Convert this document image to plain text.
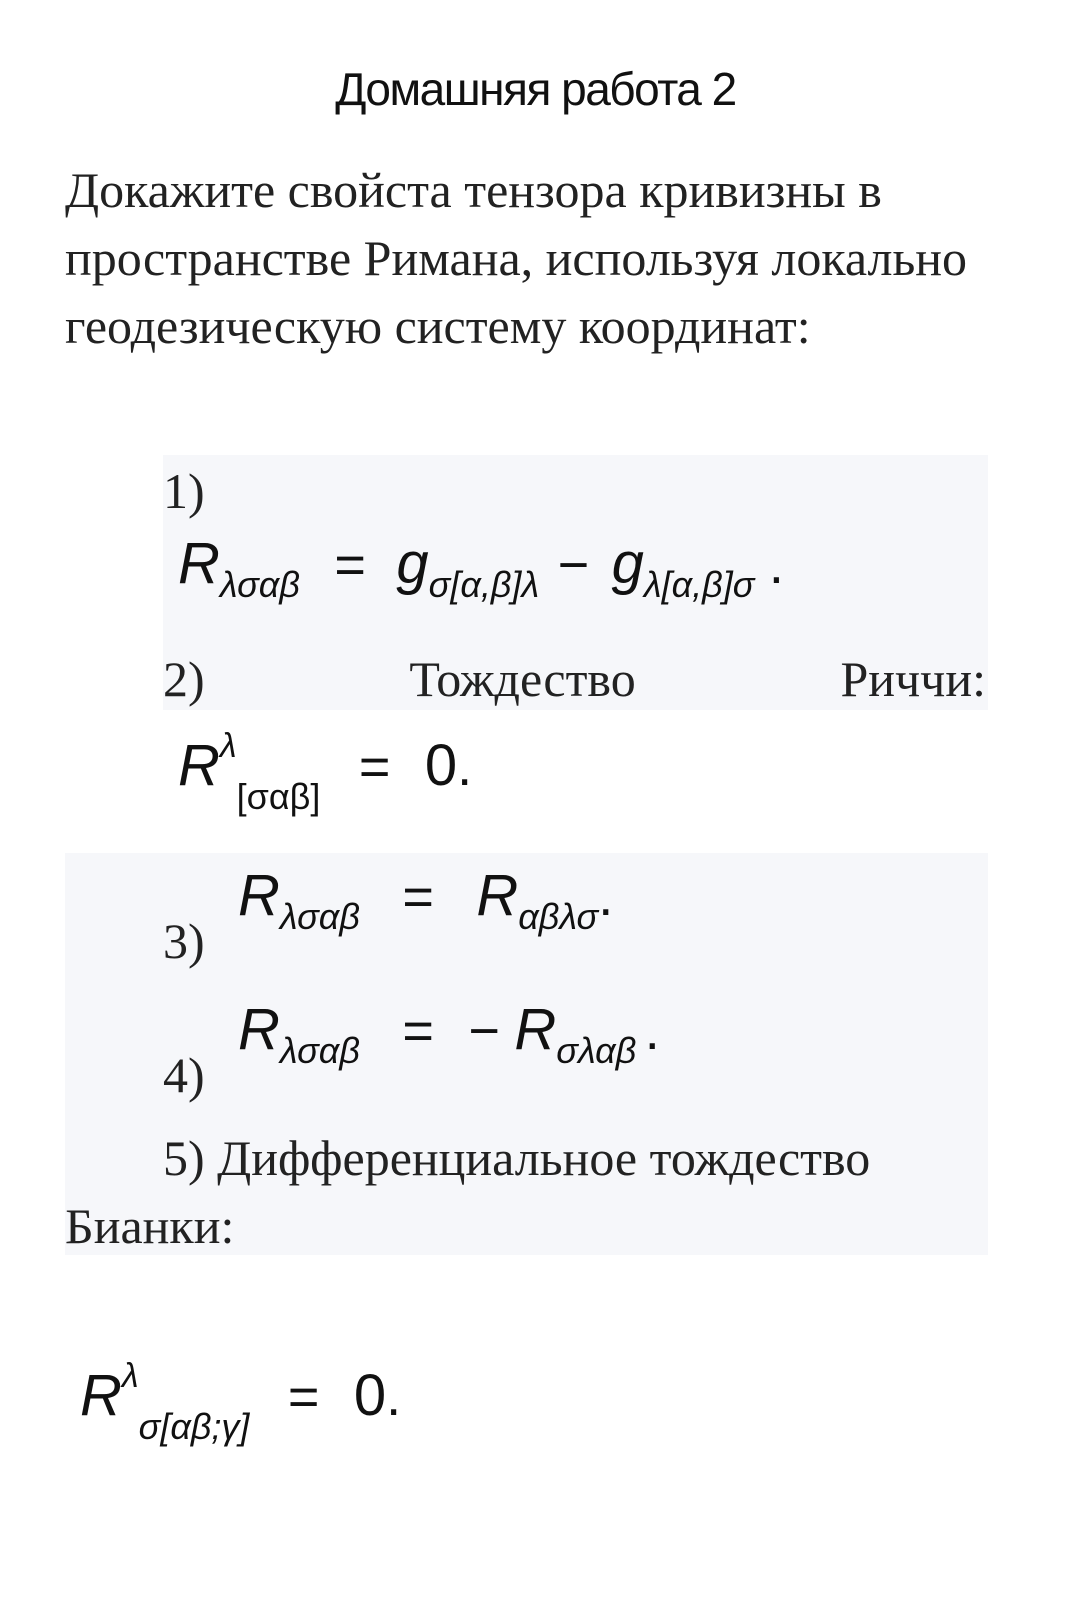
Домашняя работа 2
Докажите свойста тензора кривизны в пространстве Римана, используя локально геодезическую систему координат:
1)
Rλσαβ = gσ[α,β]λ − gλ[α,β]σ .
2)	Тождество	Риччи:
Rλ[σαβ] = 0.
3)
Rλσαβ = Rαβλσ.
4)
Rλσαβ = − Rσλαβ .
5) Дифференциальное тождество Бианки:
Rλσ[αβ;γ] = 0.
